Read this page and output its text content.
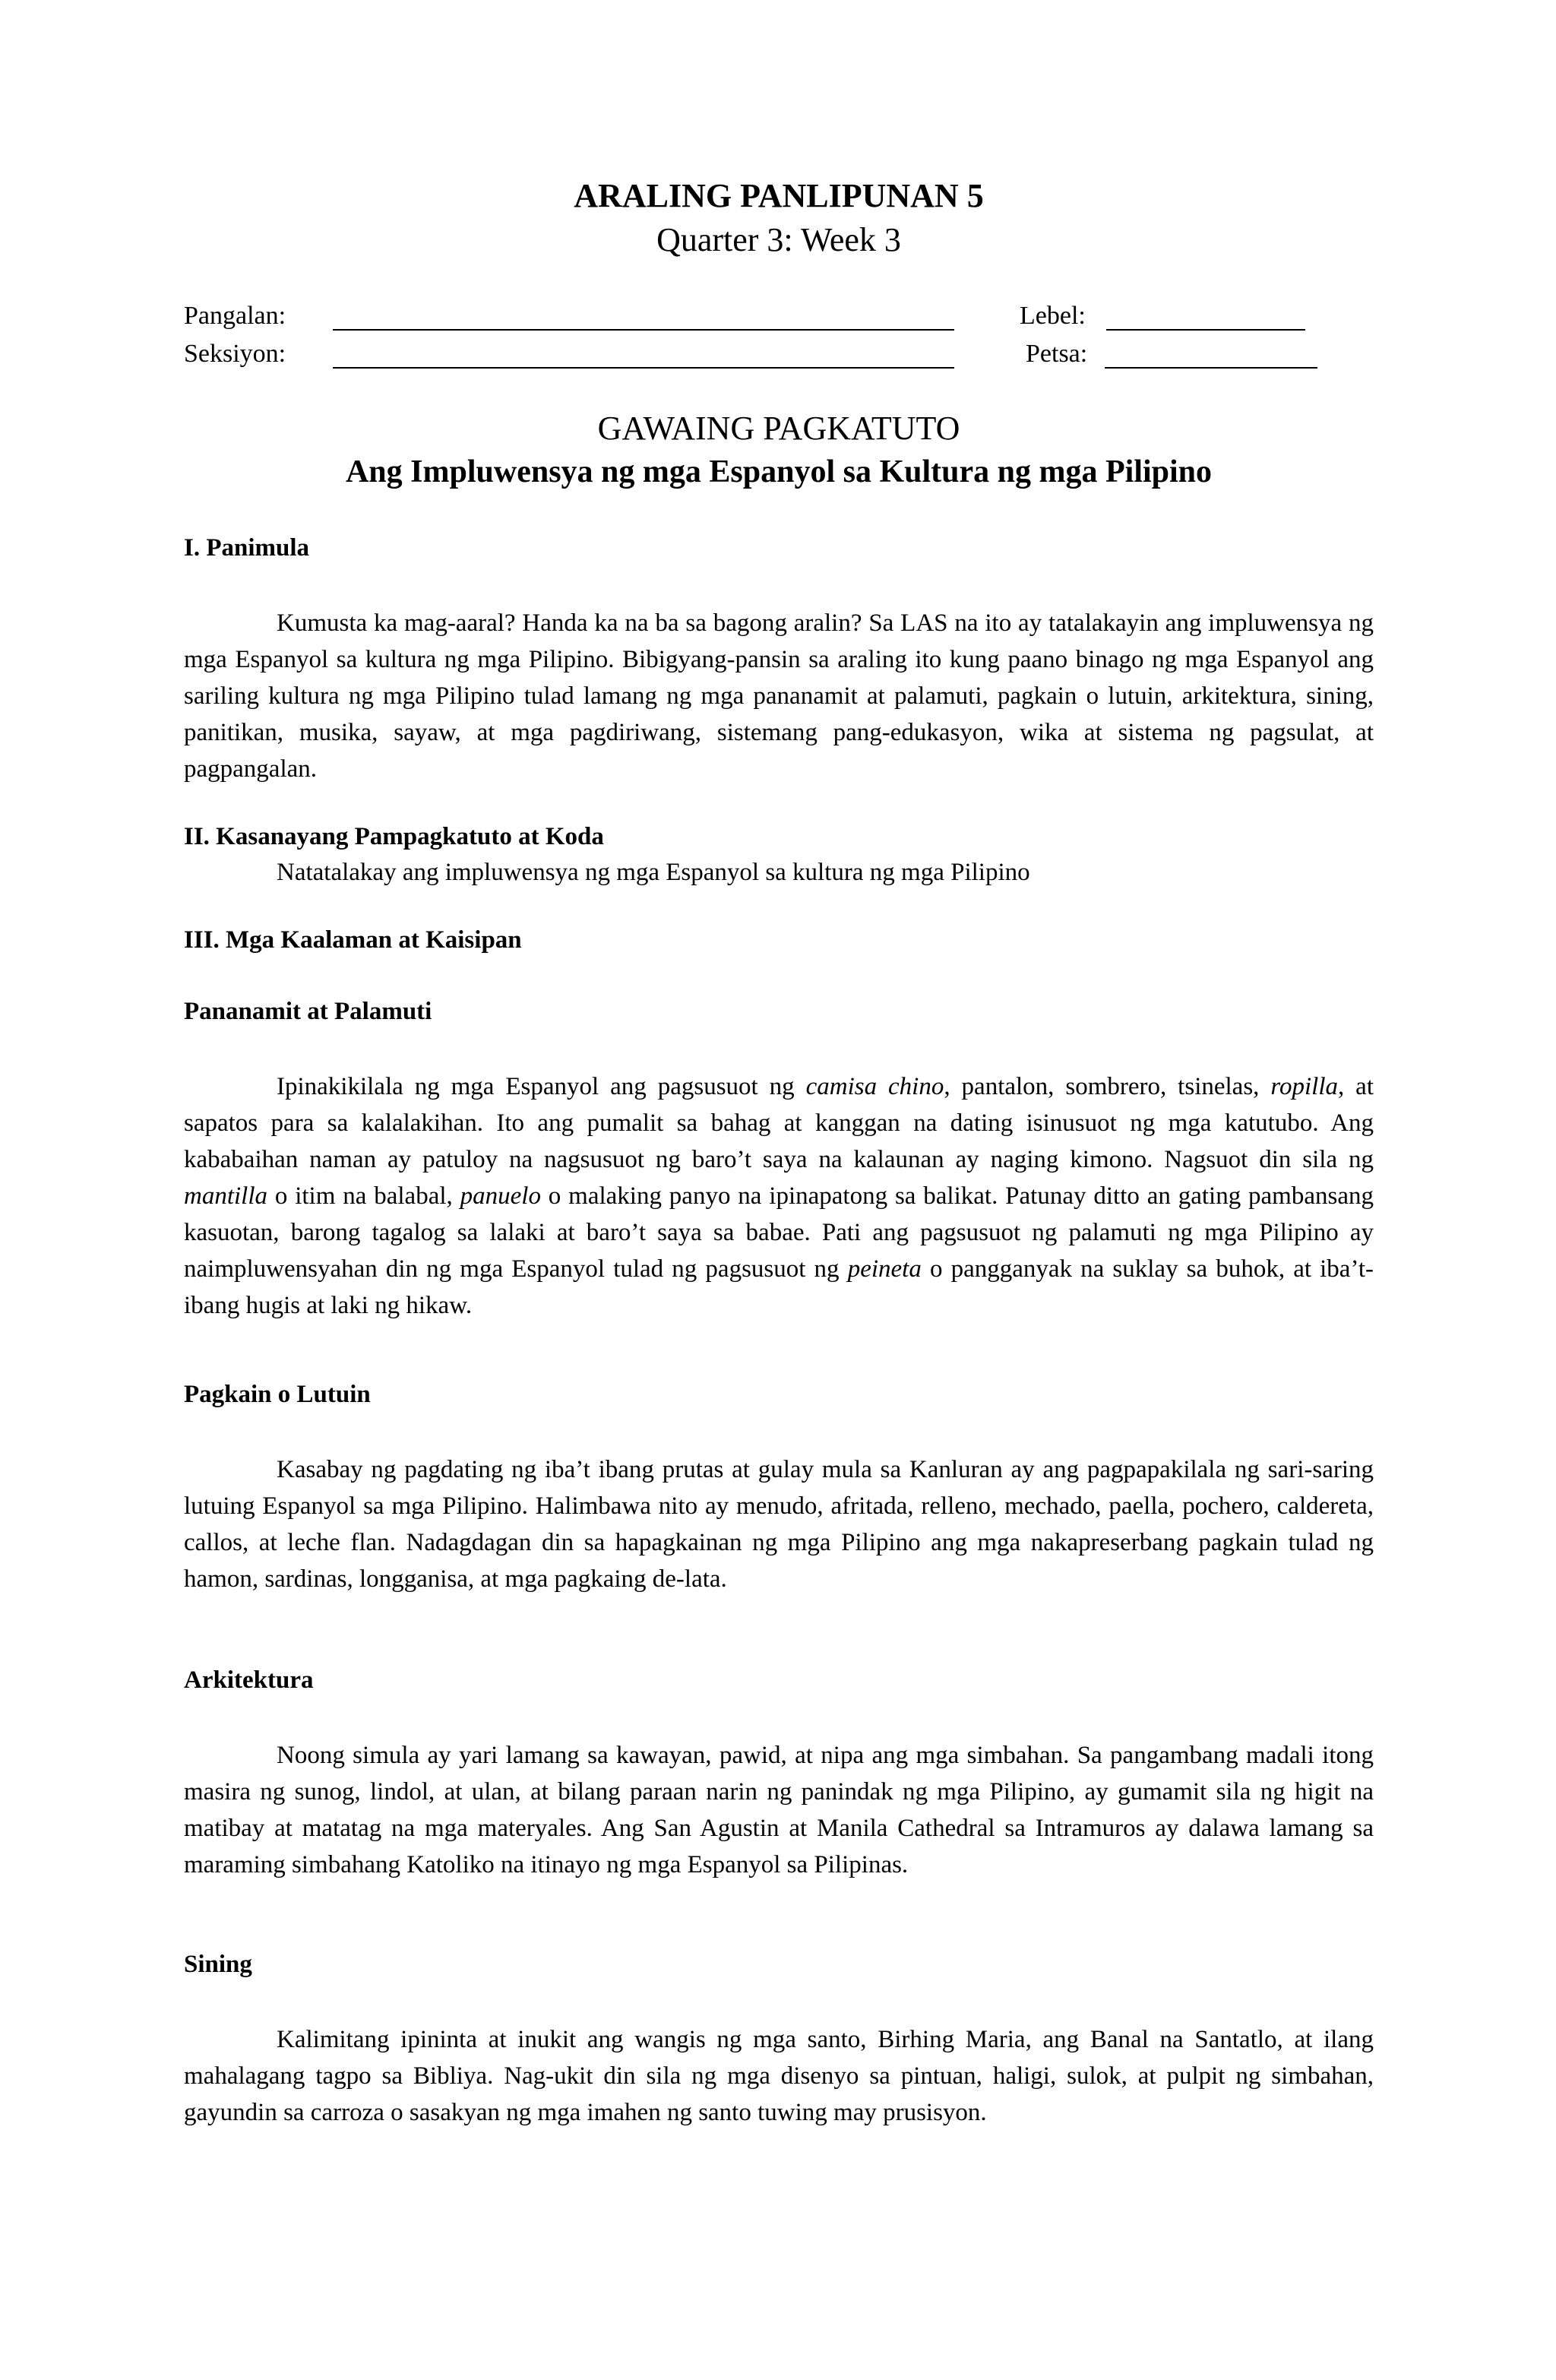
ARALING PANLIPUNAN 5
Quarter 3: Week 3
Pangalan:	Lebel:
Seksiyon:	Petsa:
GAWAING PAGKATUTO
Ang Impluwensya ng mga Espanyol sa Kultura ng mga Pilipino
I. Panimula

Kumusta ka mag-aaral? Handa ka na ba sa bagong aralin? Sa LAS na ito ay tatalakayin ang impluwensya ng mga Espanyol sa kultura ng mga Pilipino. Bibigyang-pansin sa araling ito kung paano binago ng mga Espanyol ang sariling kultura ng mga Pilipino tulad lamang ng mga pananamit at palamuti, pagkain o lutuin, arkitektura, sining, panitikan, musika, sayaw, at mga pagdiriwang, sistemang pang-edukasyon, wika at sistema ng pagsulat, at pagpangalan.

II. Kasanayang Pampagkatuto at Koda
Natatalakay ang impluwensya ng mga Espanyol sa kultura ng mga Pilipino
III. Mga Kaalaman at Kaisipan
Pananamit at Palamuti

Ipinakikilala ng mga Espanyol ang pagsusuot ng camisa chino, pantalon, sombrero, tsinelas, ropilla, at sapatos para sa kalalakihan. Ito ang pumalit sa bahag at kanggan na dating isinusuot ng mga katutubo. Ang kababaihan naman ay patuloy na nagsusuot ng baro’t saya na kalaunan ay naging kimono. Nagsuot din sila ng mantilla o itim na balabal, panuelo o malaking panyo na ipinapatong sa balikat. Patunay ditto an gating pambansang kasuotan, barong tagalog sa lalaki at baro’t saya sa babae. Pati ang pagsusuot ng palamuti ng mga Pilipino ay naimpluwensyahan din ng mga Espanyol tulad ng pagsusuot ng peineta o pangganyak na suklay sa buhok, at iba’t-ibang hugis at laki ng hikaw.

Pagkain o Lutuin

Kasabay ng pagdating ng iba’t ibang prutas at gulay mula sa Kanluran ay ang pagpapakilala ng sari-saring lutuing Espanyol sa mga Pilipino. Halimbawa nito ay menudo, afritada, relleno, mechado, paella, pochero, caldereta, callos, at leche flan. Nadagdagan din sa hapagkainan ng mga Pilipino ang mga nakapreserbang pagkain tulad ng hamon, sardinas, longganisa, at mga pagkaing de-lata.

Arkitektura

Noong simula ay yari lamang sa kawayan, pawid, at nipa ang mga simbahan. Sa pangambang madali itong masira ng sunog, lindol, at ulan, at bilang paraan narin ng panindak ng mga Pilipino, ay gumamit sila ng higit na matibay at matatag na mga materyales. Ang San Agustin at Manila Cathedral sa Intramuros ay dalawa lamang sa maraming simbahang Katoliko na itinayo ng mga Espanyol sa Pilipinas.

Sining

Kalimitang ipininta at inukit ang wangis ng mga santo, Birhing Maria, ang Banal na Santatlo, at ilang mahalagang tagpo sa Bibliya. Nag-ukit din sila ng mga disenyo sa pintuan, haligi, sulok, at pulpit ng simbahan, gayundin sa carroza o sasakyan ng mga imahen ng santo tuwing may prusisyon.
